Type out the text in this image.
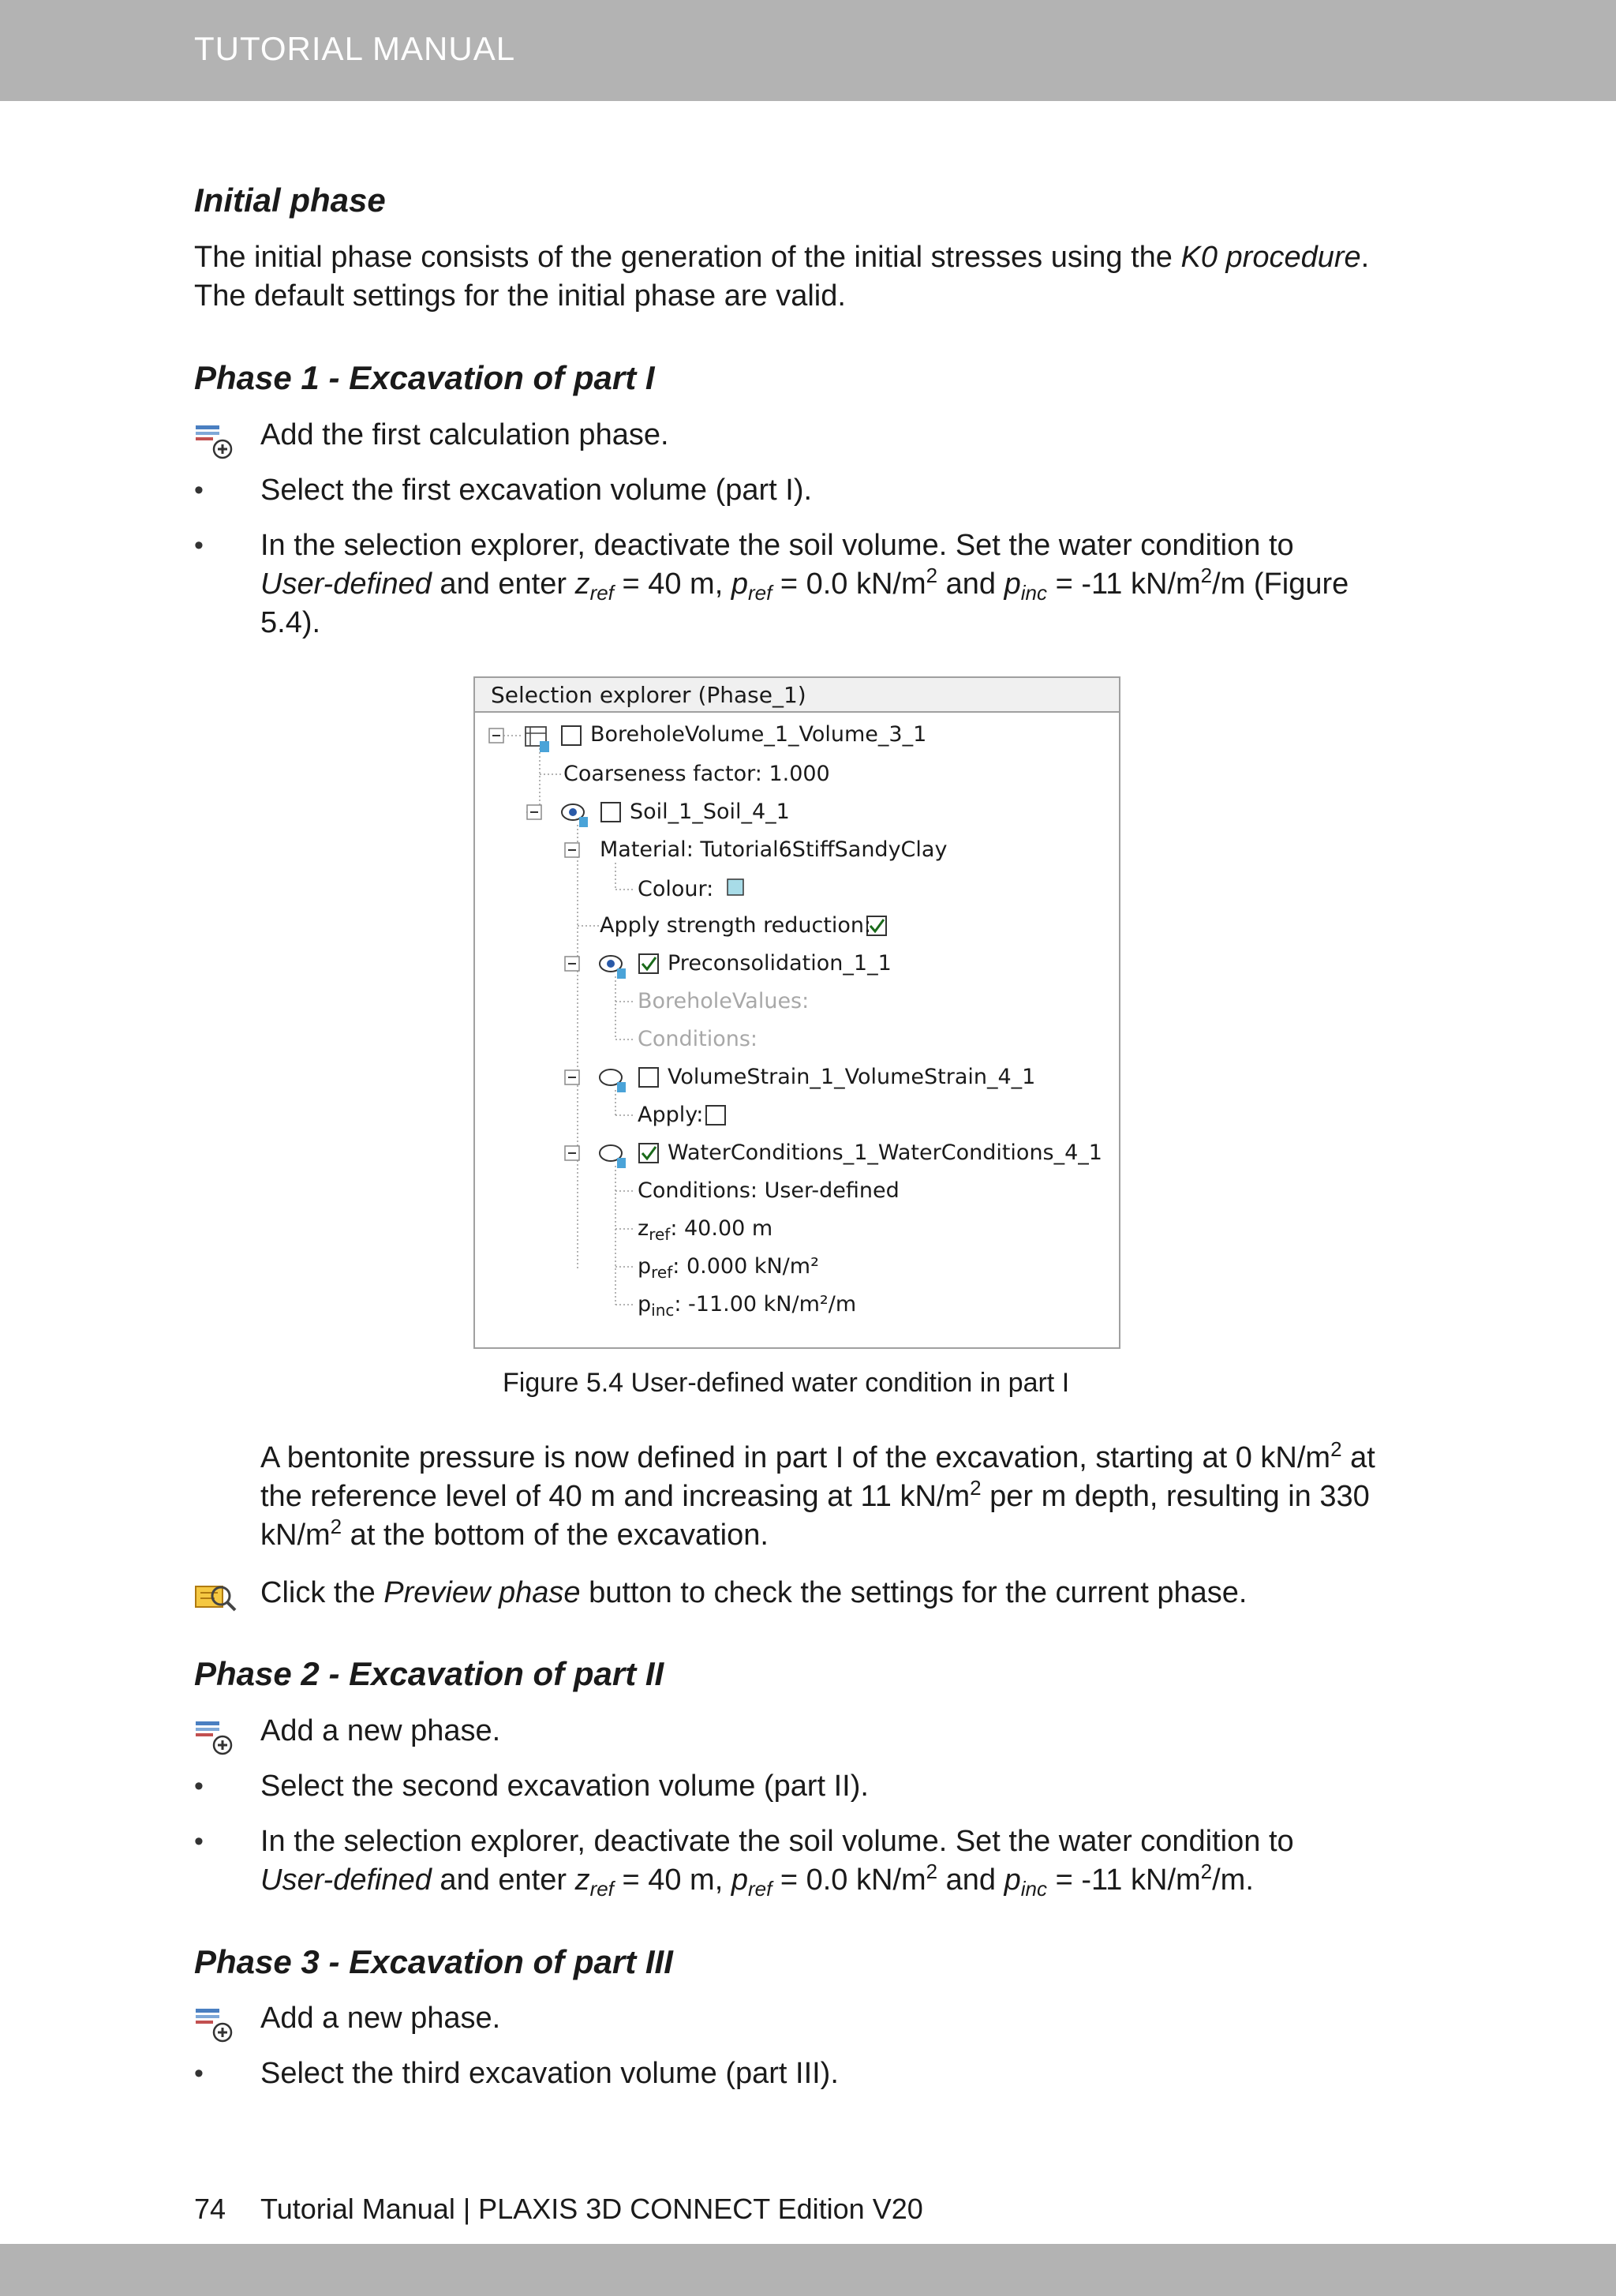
TUTORIAL MANUAL
Initial phase
The initial phase consists of the generation of the initial stresses using the K0 procedure.
The default settings for the initial phase are valid.
Phase 1 - Excavation of part I
Add the first calculation phase.
•	Select the first excavation volume (part I).
•	In the selection explorer, deactivate the soil volume. Set the water condition to
User-defined and enter $z_{ref} = 40$ m, $p_{ref} = 0.0$ $kN/m^2$ and $p_{inc} = -11$ $kN/m^2/m$ (Figure
5.4).
Selection explorer (Phase_1)
BoreholeVolume_1_Volume_3_1
Coarseness factor: 1.000
Soil_1_Soil_4_1
Material: Tutorial6StiffSandyClay
Colour:
Apply strength reduction:
Preconsolidation_1_1
BoreholeValues:
Conditions:
VolumeStrain_1_VolumeStrain_4_1
Apply:
WaterConditions_1_WaterConditions_4_1
Conditions: User-defined
$z_{ref}$: 40.00 m
$p_{ref}$: 0.000 kN/m²
$p_{inc}$: -11.00 kN/m²/m
Figure 5.4 User-defined water condition in part I
A bentonite pressure is now defined in part I of the excavation, starting at 0 $kN/m^2$ at
the reference level of 40 m and increasing at 11 $kN/m^2$ per m depth, resulting in 330
$kN/m^2$ at the bottom of the excavation.
Click the Preview phase button to check the settings for the current phase.
Phase 2 - Excavation of part II
Add a new phase.
•	Select the second excavation volume (part II).
•	In the selection explorer, deactivate the soil volume. Set the water condition to
User-defined and enter $z_{ref} = 40$ m, $p_{ref} = 0.0$ $kN/m^2$ and $p_{inc} = -11$ $kN/m^2/m$.
Phase 3 - Excavation of part III
Add a new phase.
•	Select the third excavation volume (part III).
74 Tutorial Manual | PLAXIS 3D CONNECT Edition V20
